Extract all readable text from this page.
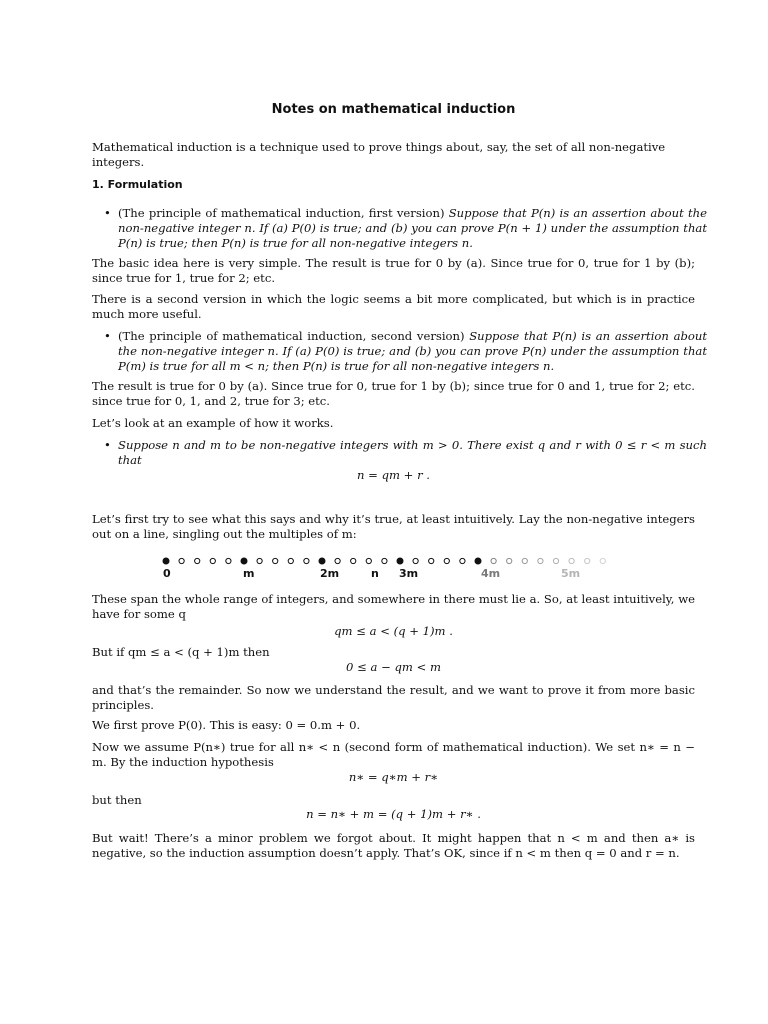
Notes on mathematical induction
Mathematical induction is a technique used to prove things about, say, the set of all non-negative integers.
1. Formulation
• (The principle of mathematical induction, first version) Suppose that P(n) is an assertion about the non-negative integer n. If (a) P(0) is true; and (b) you can prove P(n + 1) under the assumption that P(n) is true; then P(n) is true for all non-negative integers n.
The basic idea here is very simple. The result is true for 0 by (a). Since true for 0, true for 1 by (b); since true for 1, true for 2; etc.
There is a second version in which the logic seems a bit more complicated, but which is in practice much more useful.
• (The principle of mathematical induction, second version) Suppose that P(n) is an assertion about the non-negative integer n. If (a) P(0) is true; and (b) you can prove P(n) under the assumption that P(m) is true for all m < n; then P(n) is true for all non-negative integers n.
The result is true for 0 by (a). Since true for 0, true for 1 by (b); since true for 0 and 1, true for 2; etc. since true for 0, 1, and 2, true for 3; etc.
Let’s look at an example of how it works.
• Suppose n and m to be non-negative integers with m > 0. There exist q and r with 0 ≤ r < m such that
n = qm + r .
Let’s first try to see what this says and why it’s true, at least intuitively. Lay the non-negative integers out on a line, singling out the multiples of m:
0	m	2m	n 3m	4m	5m
These span the whole range of integers, and somewhere in there must lie a. So, at least intuitively, we have for some q
qm ≤ a < (q + 1)m .
But if qm ≤ a < (q + 1)m then
0 ≤ a − qm < m
and that’s the remainder. So now we understand the result, and we want to prove it from more basic principles.
We first prove P(0). This is easy: 0 = 0.m + 0.
Now we assume P(n∗) true for all n∗ < n (second form of mathematical induction). We set n∗ = n − m. By the induction hypothesis
n∗ = q∗m + r∗
but then
n = n∗ + m = (q + 1)m + r∗ .
But wait! There’s a minor problem we forgot about. It might happen that n < m and then a∗ is negative, so the induction assumption doesn’t apply. That’s OK, since if n < m then q = 0 and r = n.
